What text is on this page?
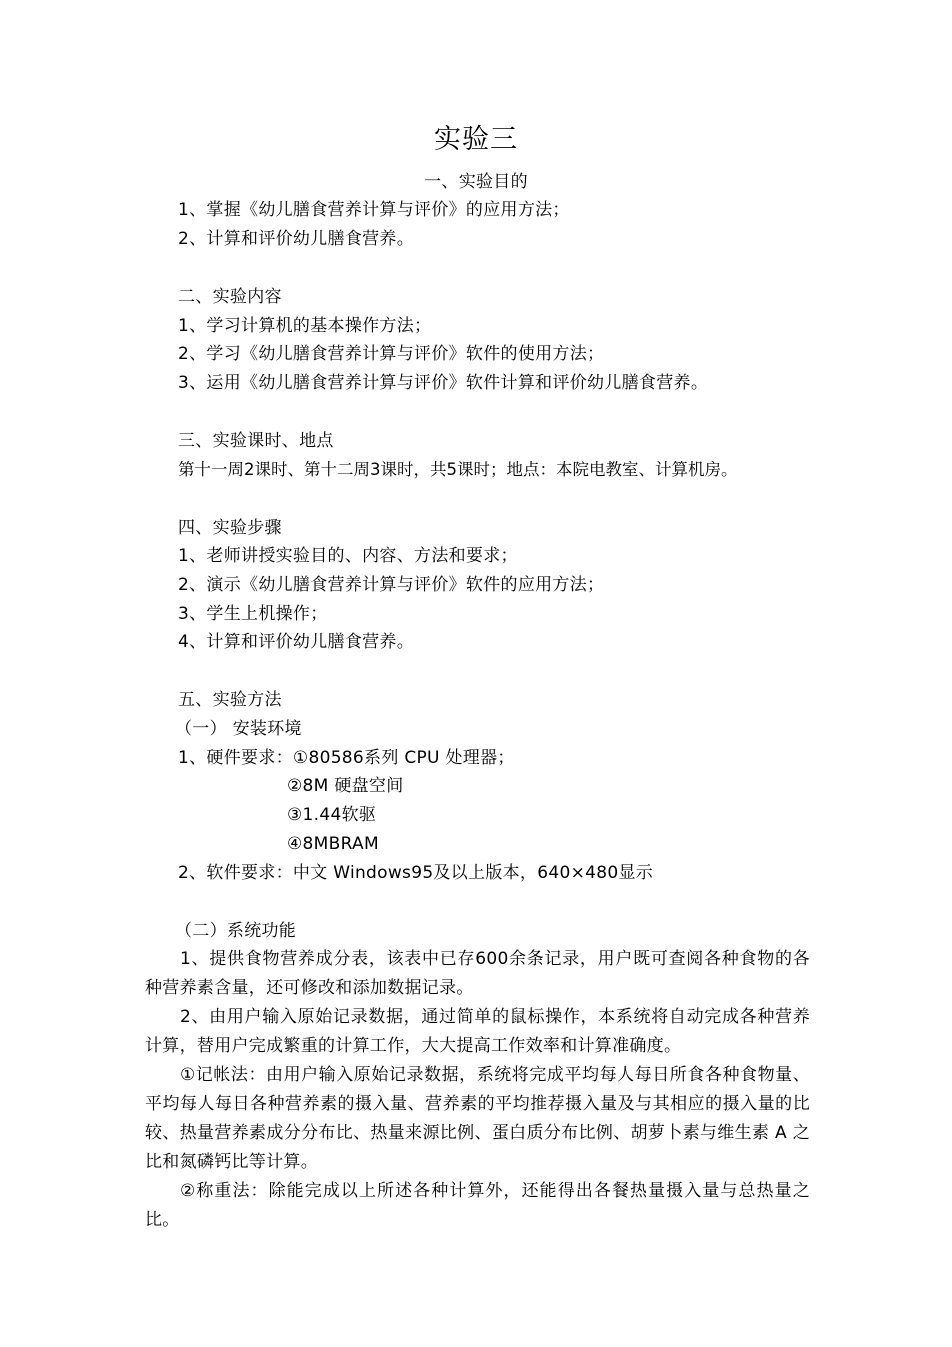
实验三
一、实验目的
1、掌握《幼儿膳食营养计算与评价》的应用方法；
2、计算和评价幼儿膳食营养。
二、实验内容
1、学习计算机的基本操作方法；
2、学习《幼儿膳食营养计算与评价》软件的使用方法；
3、运用《幼儿膳食营养计算与评价》软件计算和评价幼儿膳食营养。
三、实验课时、地点
第十一周2课时、第十二周3课时，共5课时；地点：本院电教室、计算机房。
四、实验步骤
1、老师讲授实验目的、内容、方法和要求；
2、演示《幼儿膳食营养计算与评价》软件的应用方法；
3、学生上机操作；
4、计算和评价幼儿膳食营养。
五、实验方法
（一） 安装环境
1、硬件要求：①80586系列 CPU 处理器；
②8M 硬盘空间
③1.44软驱
④8MBRAM
2、软件要求：中文 Windows95及以上版本，640×480显示
（二）系统功能
1、提供食物营养成分表，该表中已存600余条记录，用户既可查阅各种食物的各种营养素含量，还可修改和添加数据记录。
2、由用户输入原始记录数据，通过简单的鼠标操作，本系统将自动完成各种营养计算，替用户完成繁重的计算工作，大大提高工作效率和计算准确度。
①记帐法：由用户输入原始记录数据，系统将完成平均每人每日所食各种食物量、平均每人每日各种营养素的摄入量、营养素的平均推荐摄入量及与其相应的摄入量的比较、热量营养素成分分布比、热量来源比例、蛋白质分布比例、胡萝卜素与维生素 A 之比和氮磷钙比等计算。
②称重法：除能完成以上所述各种计算外，还能得出各餐热量摄入量与总热量之比。
